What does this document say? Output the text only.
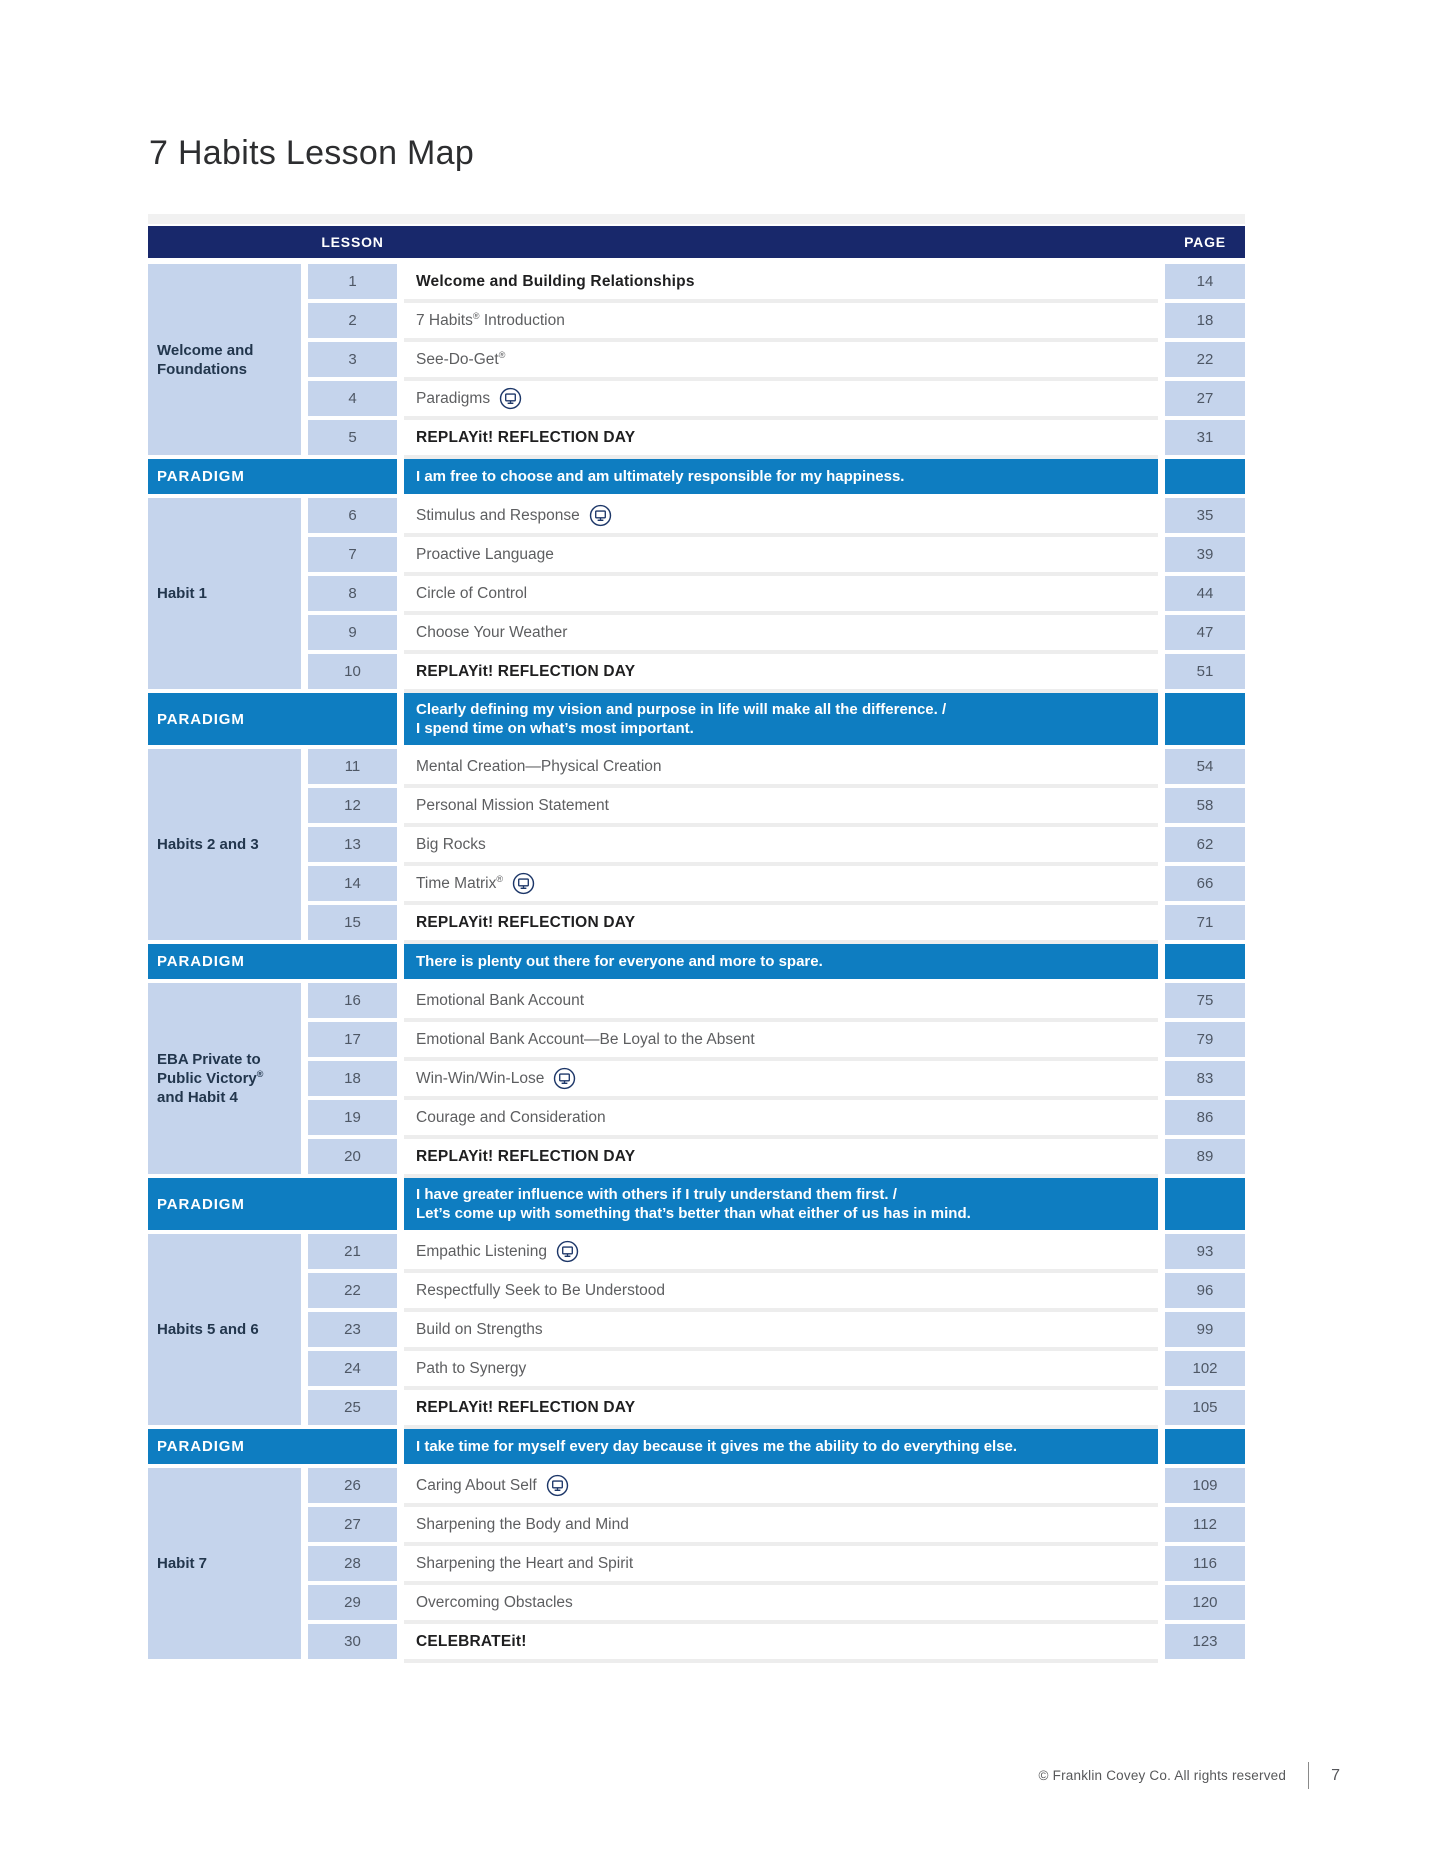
7 Habits Lesson Map
LESSON	PAGE
Welcome and Foundations
1	Welcome and Building Relationships	14
2	7 Habits® Introduction	18
3	See-Do-Get®	22
4	Paradigms	27
5	REPLAYit! REFLECTION DAY	31
PARADIGM	I am free to choose and am ultimately responsible for my happiness.
Habit 1
6	Stimulus and Response	35
7	Proactive Language	39
8	Circle of Control	44
9	Choose Your Weather	47
10	REPLAYit! REFLECTION DAY	51
PARADIGM
Clearly defining my vision and purpose in life will make all the difference. /
I spend time on what’s most important.
Habits 2 and 3
11	Mental Creation—Physical Creation	54
12	Personal Mission Statement	58
13	Big Rocks	62
14	Time Matrix®	66
15	REPLAYit! REFLECTION DAY	71
PARADIGM	There is plenty out there for everyone and more to spare.
EBA Private to Public Victory® and Habit 4
16	Emotional Bank Account	75
17	Emotional Bank Account—Be Loyal to the Absent	79
18	Win-Win/Win-Lose	83
19	Courage and Consideration	86
20	REPLAYit! REFLECTION DAY	89
PARADIGM
I have greater influence with others if I truly understand them first. /
Let’s come up with something that’s better than what either of us has in mind.
Habits 5 and 6
21	Empathic Listening	93
22	Respectfully Seek to Be Understood	96
23	Build on Strengths	99
24	Path to Synergy	102
25	REPLAYit! REFLECTION DAY	105
PARADIGM	I take time for myself every day because it gives me the ability to do everything else.
Habit 7
26	Caring About Self	109
27	Sharpening the Body and Mind	112
28	Sharpening the Heart and Spirit	116
29	Overcoming Obstacles	120
30	CELEBRATEit!	123
© Franklin Covey Co. All rights reserved	7
